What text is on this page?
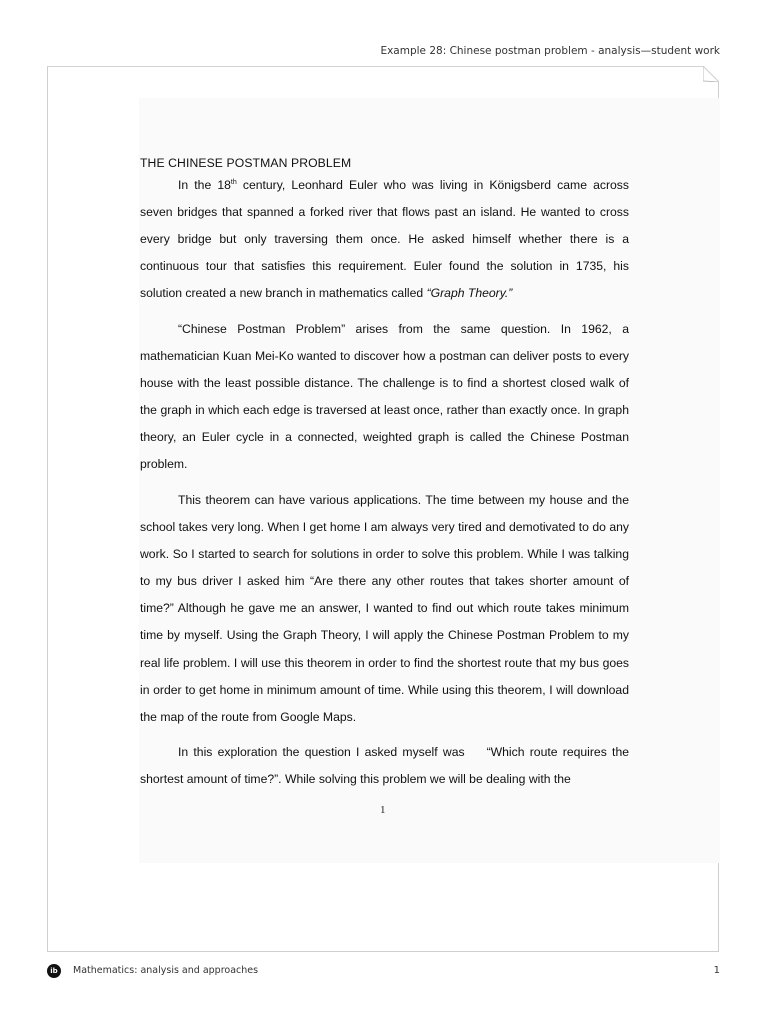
Example 28: Chinese postman problem - analysis—student work
THE CHINESE POSTMAN PROBLEM

In the 18th century, Leonhard Euler who was living in Königsberd came across seven bridges that spanned a forked river that flows past an island. He wanted to cross every bridge but only traversing them once. He asked himself whether there is a continuous tour that satisfies this requirement. Euler found the solution in 1735, his solution created a new branch in mathematics called “Graph Theory.”

“Chinese Postman Problem” arises from the same question. In 1962, a mathematician Kuan Mei-Ko wanted to discover how a postman can deliver posts to every house with the least possible distance. The challenge is to find a shortest closed walk of the graph in which each edge is traversed at least once, rather than exactly once. In graph theory, an Euler cycle in a connected, weighted graph is called the Chinese Postman problem.

This theorem can have various applications. The time between my house and the school takes very long. When I get home I am always very tired and demotivated to do any work. So I started to search for solutions in order to solve this problem. While I was talking to my bus driver I asked him “Are there any other routes that takes shorter amount of time?” Although he gave me an answer, I wanted to find out which route takes minimum time by myself. Using the Graph Theory, I will apply the Chinese Postman Problem to my real life problem. I will use this theorem in order to find the shortest route that my bus goes in order to get home in minimum amount of time. While using this theorem, I will download the map of the route from Google Maps.

In this exploration the question I asked myself was “Which route requires the shortest amount of time?”. While solving this problem we will be dealing with the

1
ib	Mathematics: analysis and approaches	1
